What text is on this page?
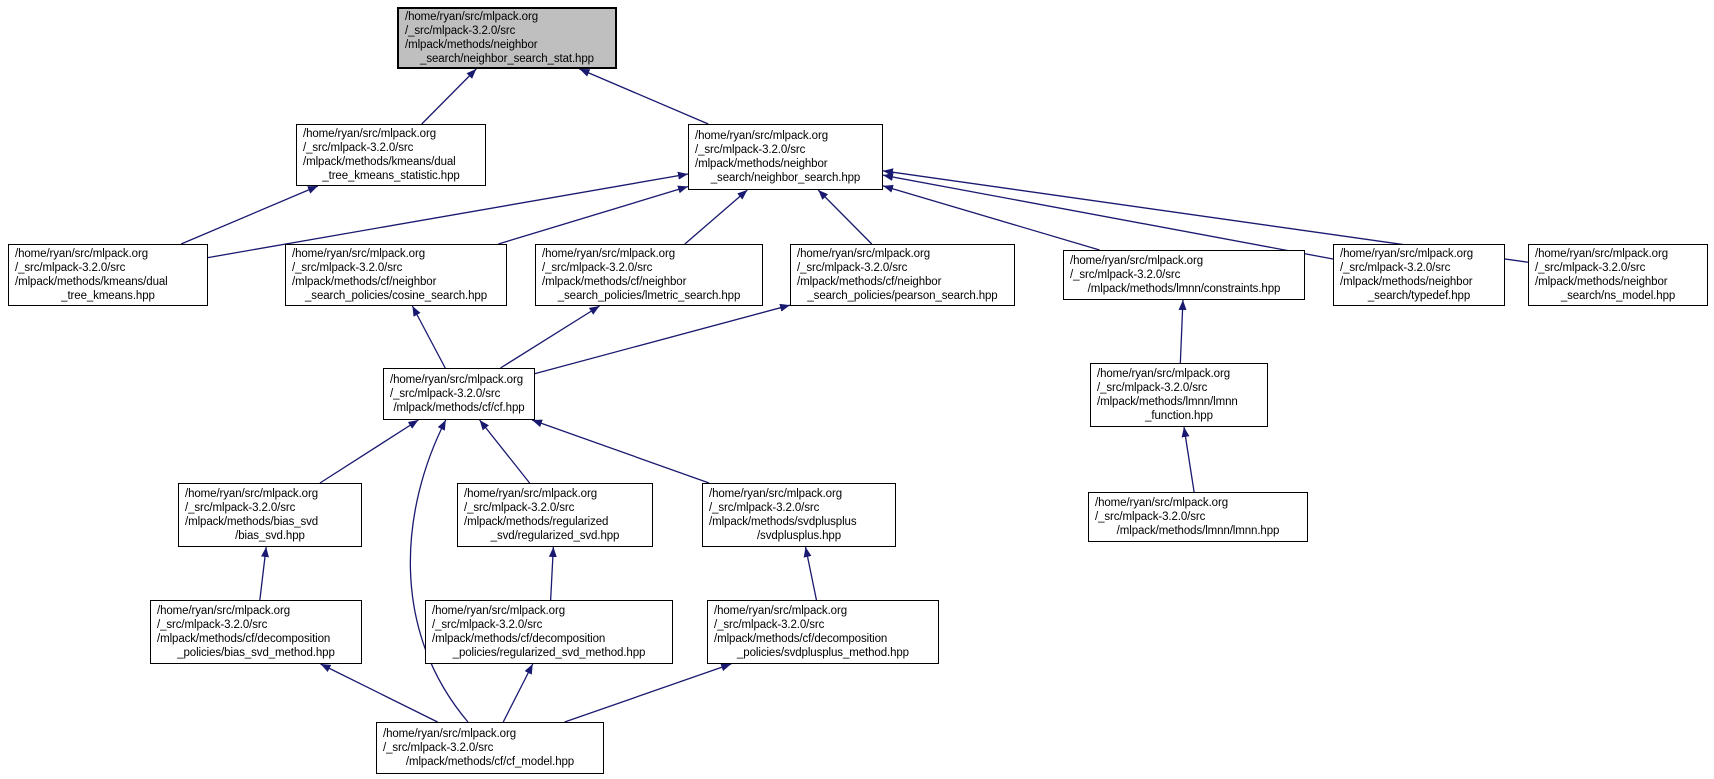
/home/ryan/src/mlpack.org
/_src/mlpack-3.2.0/src
/mlpack/methods/neighbor
_search/neighbor_search_stat.hpp
/home/ryan/src/mlpack.org
/_src/mlpack-3.2.0/src
/mlpack/methods/kmeans/dual
_tree_kmeans_statistic.hpp
/home/ryan/src/mlpack.org
/_src/mlpack-3.2.0/src
/mlpack/methods/neighbor
_search/neighbor_search.hpp
/home/ryan/src/mlpack.org
/_src/mlpack-3.2.0/src
/mlpack/methods/kmeans/dual
_tree_kmeans.hpp
/home/ryan/src/mlpack.org
/_src/mlpack-3.2.0/src
/mlpack/methods/cf/neighbor
_search_policies/cosine_search.hpp
/home/ryan/src/mlpack.org
/_src/mlpack-3.2.0/src
/mlpack/methods/cf/neighbor
_search_policies/lmetric_search.hpp
/home/ryan/src/mlpack.org
/_src/mlpack-3.2.0/src
/mlpack/methods/cf/neighbor
_search_policies/pearson_search.hpp
/home/ryan/src/mlpack.org
/_src/mlpack-3.2.0/src
/mlpack/methods/lmnn/constraints.hpp
/home/ryan/src/mlpack.org
/_src/mlpack-3.2.0/src
/mlpack/methods/neighbor
_search/typedef.hpp
/home/ryan/src/mlpack.org
/_src/mlpack-3.2.0/src
/mlpack/methods/neighbor
_search/ns_model.hpp
/home/ryan/src/mlpack.org
/_src/mlpack-3.2.0/src
/mlpack/methods/cf/cf.hpp
/home/ryan/src/mlpack.org
/_src/mlpack-3.2.0/src
/mlpack/methods/lmnn/lmnn
_function.hpp
/home/ryan/src/mlpack.org
/_src/mlpack-3.2.0/src
/mlpack/methods/bias_svd
/bias_svd.hpp
/home/ryan/src/mlpack.org
/_src/mlpack-3.2.0/src
/mlpack/methods/regularized
_svd/regularized_svd.hpp
/home/ryan/src/mlpack.org
/_src/mlpack-3.2.0/src
/mlpack/methods/svdplusplus
/svdplusplus.hpp
/home/ryan/src/mlpack.org
/_src/mlpack-3.2.0/src
/mlpack/methods/lmnn/lmnn.hpp
/home/ryan/src/mlpack.org
/_src/mlpack-3.2.0/src
/mlpack/methods/cf/decomposition
_policies/bias_svd_method.hpp
/home/ryan/src/mlpack.org
/_src/mlpack-3.2.0/src
/mlpack/methods/cf/decomposition
_policies/regularized_svd_method.hpp
/home/ryan/src/mlpack.org
/_src/mlpack-3.2.0/src
/mlpack/methods/cf/decomposition
_policies/svdplusplus_method.hpp
/home/ryan/src/mlpack.org
/_src/mlpack-3.2.0/src
/mlpack/methods/cf/cf_model.hpp
